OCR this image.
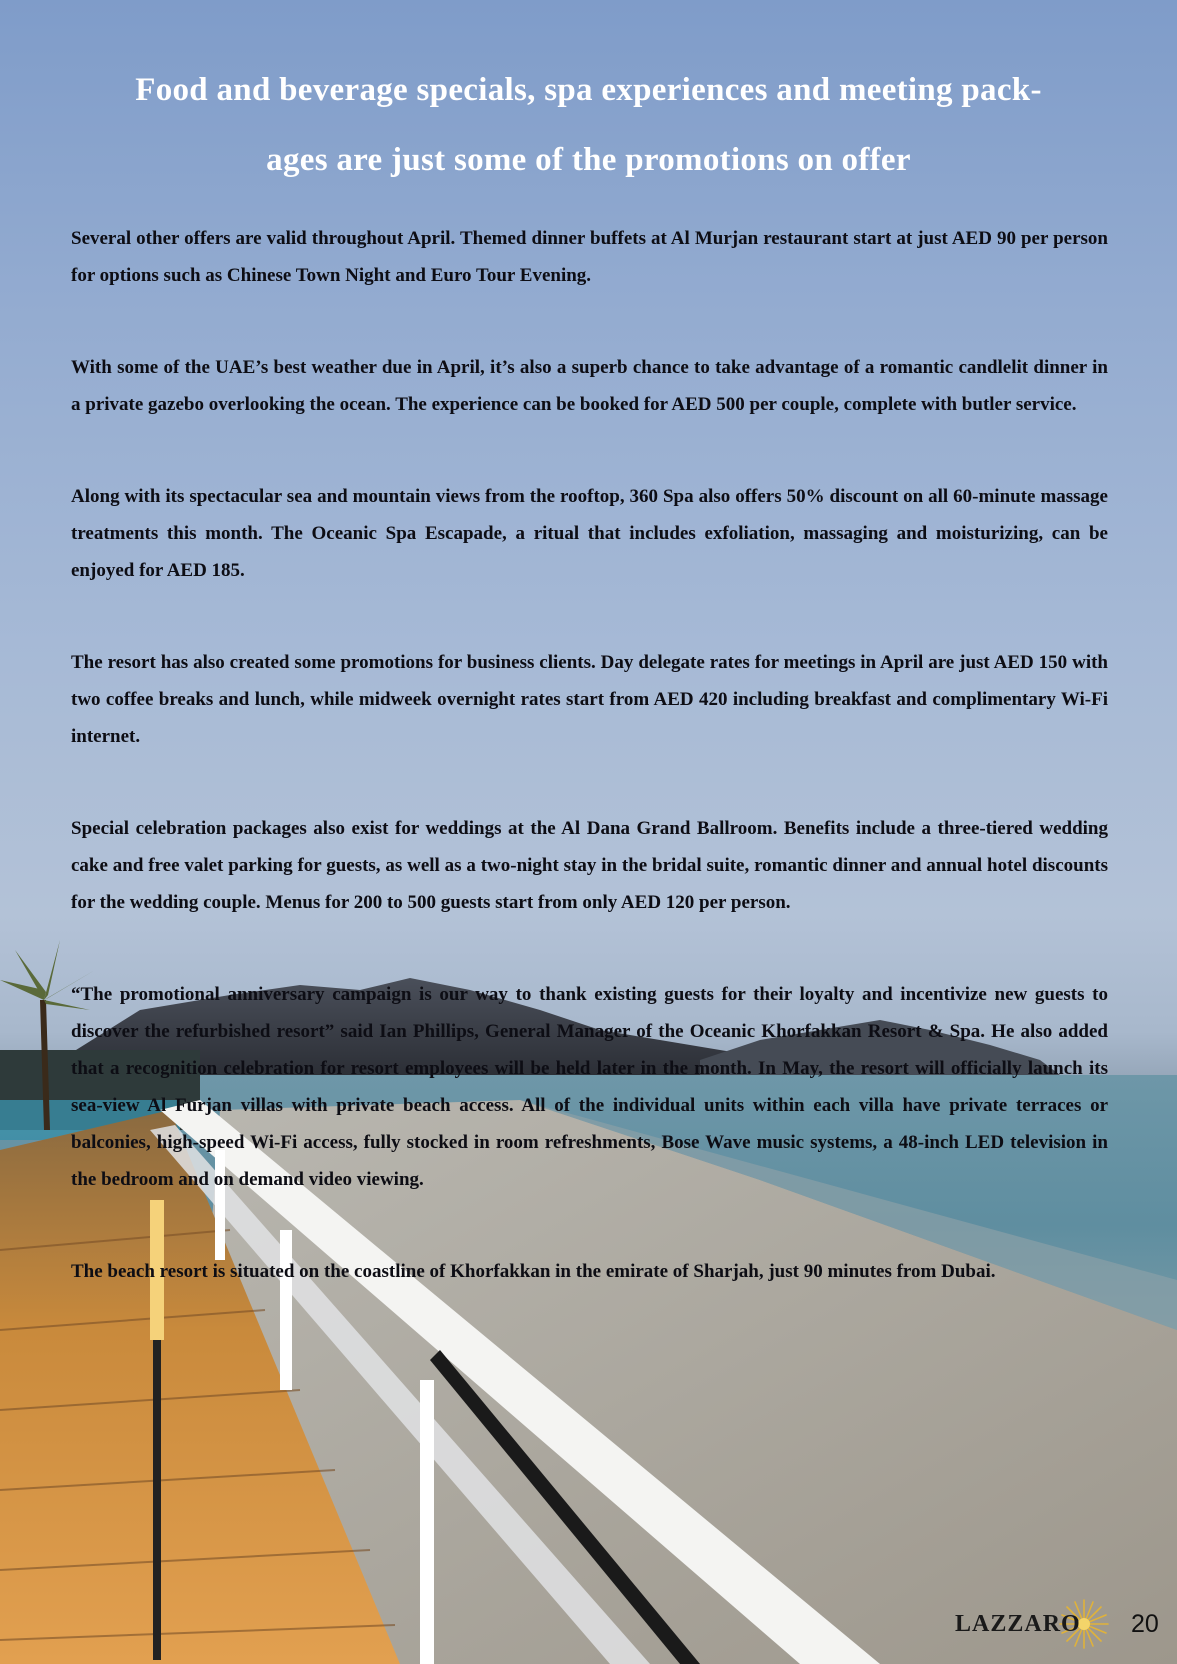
Food and beverage specials, spa experiences and meeting pack-
ages are just some of the promotions on offer

Several other offers are valid throughout April. Themed dinner buffets at Al Murjan restaurant start at just AED 90 per person for options such as Chinese Town Night and Euro Tour Evening.

With some of the UAE’s best weather due in April, it’s also a superb chance to take advantage of a romantic candlelit dinner in a private gazebo overlooking the ocean. The experience can be booked for AED 500 per couple, complete with butler service.

Along with its spectacular sea and mountain views from the rooftop, 360 Spa also offers 50% discount on all 60-minute massage treatments this month. The Oceanic Spa Escapade, a ritual that includes exfoliation, massaging and moisturizing, can be enjoyed for AED 185.

The resort has also created some promotions for business clients. Day delegate rates for meetings in April are just AED 150 with two coffee breaks and lunch, while midweek overnight rates start from AED 420 including breakfast and complimentary Wi-Fi internet.

Special celebration packages also exist for weddings at the Al Dana Grand Ballroom. Benefits include a three-tiered wedding cake and free valet parking for guests, as well as a two-night stay in the bridal suite, romantic dinner and annual hotel discounts for the wedding couple. Menus for 200 to 500 guests start from only AED 120 per person.

“The promotional anniversary campaign is our way to thank existing guests for their loyalty and incentivize new guests to discover the refurbished resort” said Ian Phillips, General Manager of the Oceanic Khorfakkan Resort & Spa. He also added that a recognition celebration for resort employees will be held later in the month. In May, the resort will officially launch its sea-view Al Furjan villas with private beach access. All of the individual units within each villa have private terraces or balconies, high-speed Wi-Fi access, fully stocked in room refreshments, Bose Wave music systems, a 48-inch LED television in the bedroom and on demand video viewing.

The beach resort is situated on the coastline of Khorfakkan in the emirate of Sharjah, just 90 minutes from Dubai.

LAZZARO 20
